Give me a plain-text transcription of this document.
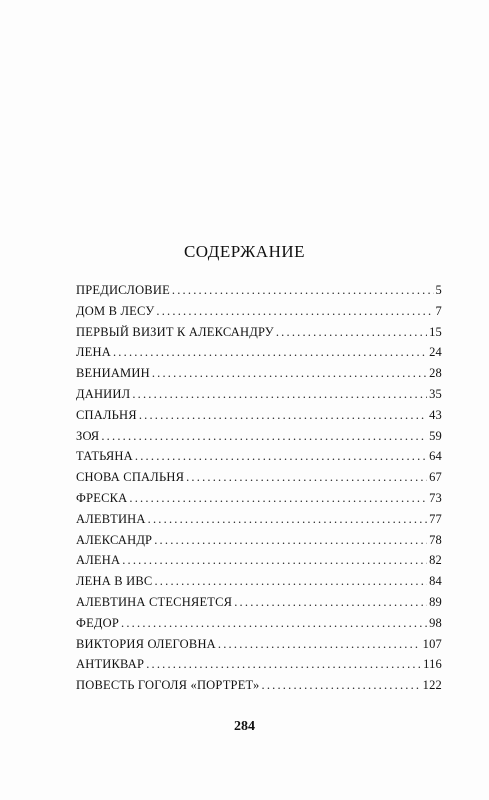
СОДЕРЖАНИЕ
ПРЕДИСЛОВИЕ .....	5
ДОМ В ЛЕСУ .....	7
ПЕРВЫЙ ВИЗИТ К АЛЕКСАНДРУ .....	15
ЛЕНА .....	24
ВЕНИАМИН .....	28
ДАНИИЛ .....	35
СПАЛЬНЯ .....	43
ЗОЯ .....	59
ТАТЬЯНА .....	64
СНОВА СПАЛЬНЯ .....	67
ФРЕСКА .....	73
АЛЕВТИНА .....	77
АЛЕКСАНДР .....	78
АЛЕНА .....	82
ЛЕНА В ИВС .....	84
АЛЕВТИНА СТЕСНЯЕТСЯ .....	89
ФЕДОР .....	98
ВИКТОРИЯ ОЛЕГОВНА .....	107
АНТИКВАР .....	116
ПОВЕСТЬ ГОГОЛЯ «ПОРТРЕТ» .....	122
284
